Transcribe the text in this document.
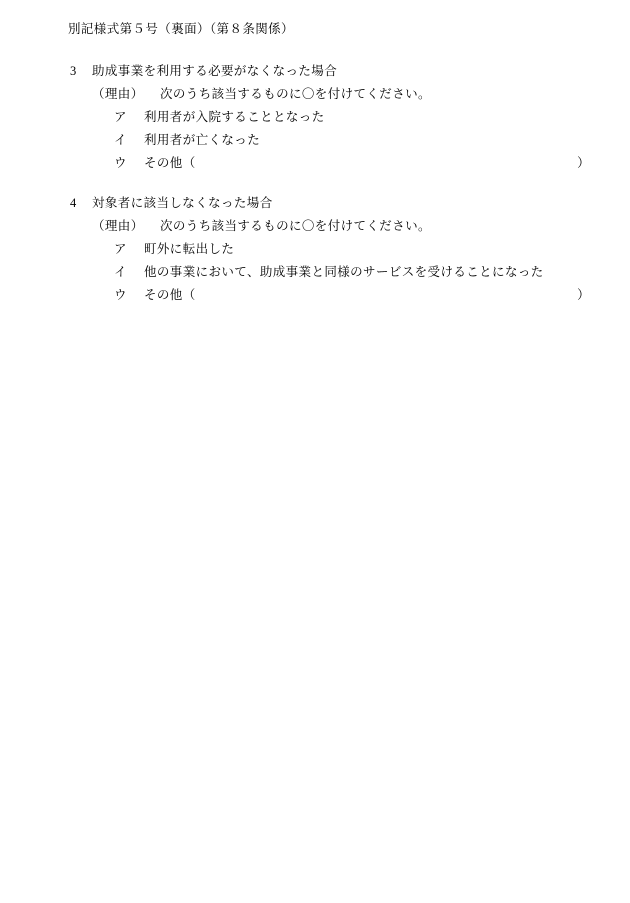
別記様式第５号（裏面）（第８条関係）
3 助成事業を利用する必要がなくなった場合
（理由） 次のうち該当するものに〇を付けてください。
ア 利用者が入院することとなった
イ 利用者が亡くなった
ウ その他（	）
4 対象者に該当しなくなった場合
（理由） 次のうち該当するものに〇を付けてください。
ア 町外に転出した
イ 他の事業において、助成事業と同様のサービスを受けることになった
ウ その他（	）
